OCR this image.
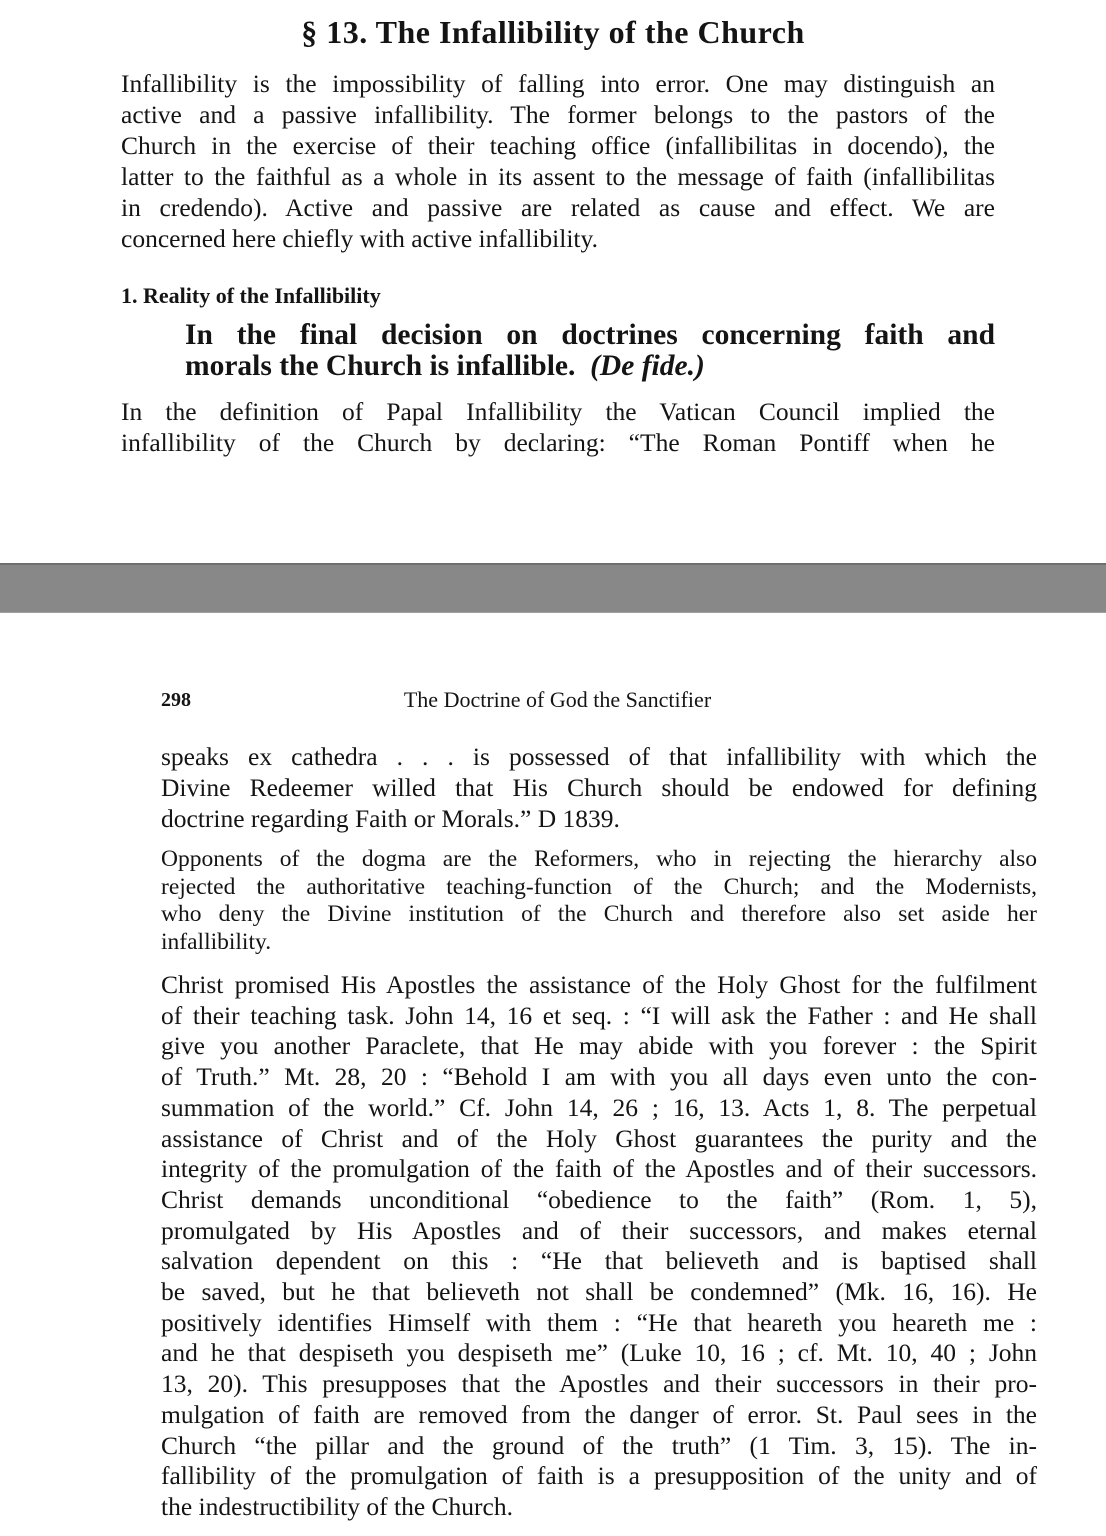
§ 13. The Infallibility of the Church
Infallibility is the impossibility of falling into error. One may distinguish an
active and a passive infallibility. The former belongs to the pastors of the
Church in the exercise of their teaching office (infallibilitas in docendo), the
latter to the faithful as a whole in its assent to the message of faith (infallibilitas
in credendo). Active and passive are related as cause and effect. We are
concerned here chiefly with active infallibility.
1. Reality of the Infallibility
In the final decision on doctrines concerning faith and
morals the Church is infallible. (De fide.)
In the definition of Papal Infallibility the Vatican Council implied the
infallibility of the Church by declaring: “The Roman Pontiff when he
298	The Doctrine of God the Sanctifier
speaks ex cathedra . . . is possessed of that infallibility with which the
Divine Redeemer willed that His Church should be endowed for defining
doctrine regarding Faith or Morals.” D 1839.
Opponents of the dogma are the Reformers, who in rejecting the hierarchy also
rejected the authoritative teaching-function of the Church; and the Modernists,
who deny the Divine institution of the Church and therefore also set aside her
infallibility.
Christ promised His Apostles the assistance of the Holy Ghost for the fulfilment
of their teaching task. John 14, 16 et seq. : “I will ask the Father : and He shall
give you another Paraclete, that He may abide with you forever : the Spirit
of Truth.” Mt. 28, 20 : “Behold I am with you all days even unto the con-
summation of the world.” Cf. John 14, 26 ; 16, 13. Acts 1, 8. The perpetual
assistance of Christ and of the Holy Ghost guarantees the purity and the
integrity of the promulgation of the faith of the Apostles and of their successors.
Christ demands unconditional “obedience to the faith” (Rom. 1, 5),
promulgated by His Apostles and of their successors, and makes eternal
salvation dependent on this : “He that believeth and is baptised shall
be saved, but he that believeth not shall be condemned” (Mk. 16, 16). He
positively identifies Himself with them : “He that heareth you heareth me :
and he that despiseth you despiseth me” (Luke 10, 16 ; cf. Mt. 10, 40 ; John
13, 20). This presupposes that the Apostles and their successors in their pro-
mulgation of faith are removed from the danger of error. St. Paul sees in the
Church “the pillar and the ground of the truth” (1 Tim. 3, 15). The in-
fallibility of the promulgation of faith is a presupposition of the unity and of
the indestructibility of the Church.
